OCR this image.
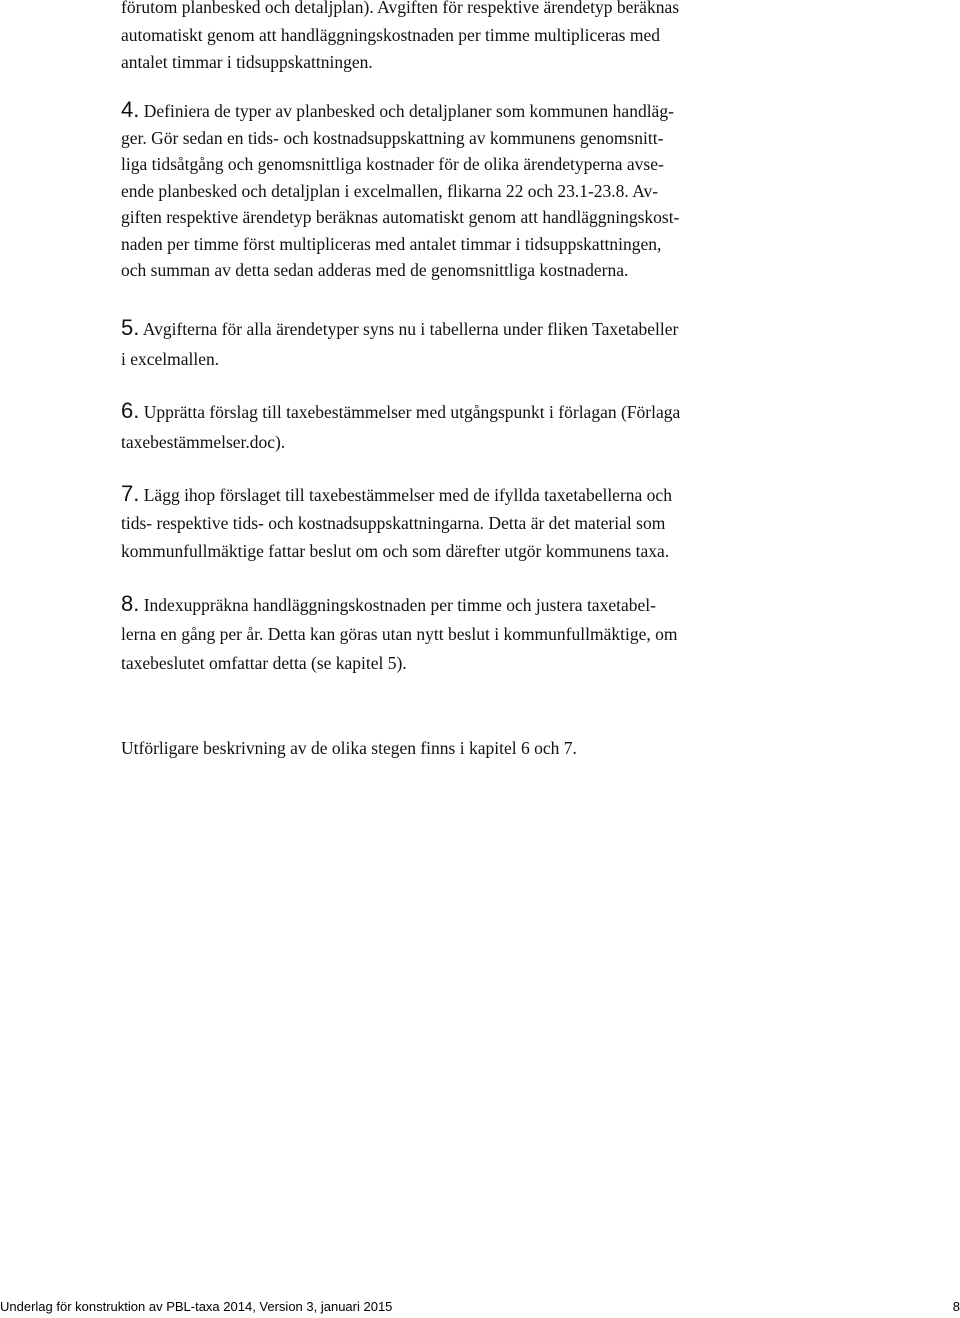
förutom planbesked och detaljplan). Avgiften för respektive ärendetyp beräknas
automatiskt genom att handläggningskostnaden per timme multipliceras med
antalet timmar i tidsuppskattningen.

4. Definiera de typer av planbesked och detaljplaner som kommunen handläg-
ger. Gör sedan en tids- och kostnadsuppskattning av kommunens genomsnitt-
liga tidsåtgång och genomsnittliga kostnader för de olika ärendetyperna avse-
ende planbesked och detaljplan i excelmallen, flikarna 22 och 23.1-23.8. Av-
giften respektive ärendetyp beräknas automatiskt genom att handläggningskost-
naden per timme först multipliceras med antalet timmar i tidsuppskattningen,
och summan av detta sedan adderas med de genomsnittliga kostnaderna.

5. Avgifterna för alla ärendetyper syns nu i tabellerna under fliken Taxetabeller
i excelmallen.

6. Upprätta förslag till taxebestämmelser med utgångspunkt i förlagan (Förlaga
taxebestämmelser.doc).

7. Lägg ihop förslaget till taxebestämmelser med de ifyllda taxetabellerna och
tids- respektive tids- och kostnadsuppskattningarna. Detta är det material som
kommunfullmäktige fattar beslut om och som därefter utgör kommunens taxa.

8. Indexuppräkna handläggningskostnaden per timme och justera taxetabel-
lerna en gång per år. Detta kan göras utan nytt beslut i kommunfullmäktige, om
taxebeslutet omfattar detta (se kapitel 5).

Utförligare beskrivning av de olika stegen finns i kapitel 6 och 7.

Underlag för konstruktion av PBL-taxa 2014, Version 3, januari 2015	8
